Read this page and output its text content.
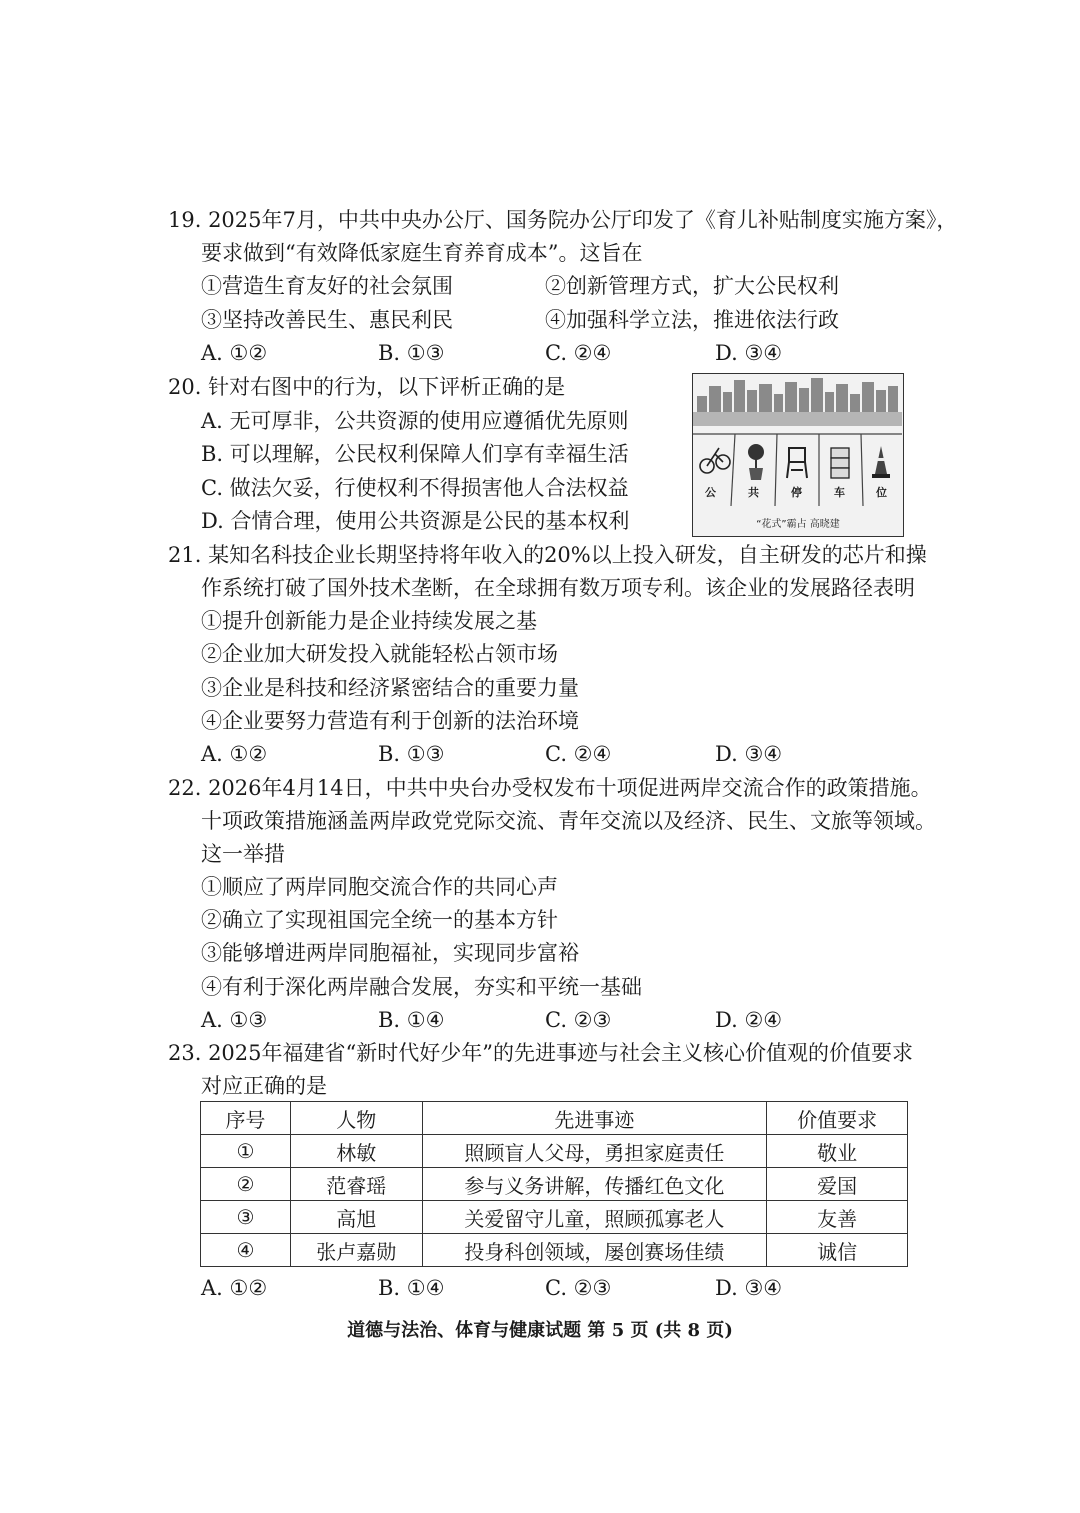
19. 2025年7月，中共中央办公厅、国务院办公厅印发了《育儿补贴制度实施方案》，
要求做到“有效降低家庭生育养育成本”。这旨在
①营造生育友好的社会氛围	②创新管理方式，扩大公民权利
③坚持改善民生、惠民利民	④加强科学立法，推进依法行政
A. ①②	B. ①③	C. ②④	D. ③④
20. 针对右图中的行为，以下评析正确的是
A. 无可厚非，公共资源的使用应遵循优先原则
B. 可以理解，公民权利保障人们享有幸福生活
C. 做法欠妥，行使权利不得损害他人合法权益
D. 合情合理，使用公共资源是公民的基本权利
公	共	停	车	位
“花式”霸占 高晓建
21. 某知名科技企业长期坚持将年收入的20%以上投入研发，自主研发的芯片和操
作系统打破了国外技术垄断，在全球拥有数万项专利。该企业的发展路径表明
①提升创新能力是企业持续发展之基
②企业加大研发投入就能轻松占领市场
③企业是科技和经济紧密结合的重要力量
④企业要努力营造有利于创新的法治环境
A. ①②	B. ①③	C. ②④	D. ③④
22. 2026年4月14日，中共中央台办受权发布十项促进两岸交流合作的政策措施。
十项政策措施涵盖两岸政党党际交流、青年交流以及经济、民生、文旅等领域。
这一举措
①顺应了两岸同胞交流合作的共同心声
②确立了实现祖国完全统一的基本方针
③能够增进两岸同胞福祉，实现同步富裕
④有利于深化两岸融合发展，夯实和平统一基础
A. ①③	B. ①④	C. ②③	D. ②④
23. 2025年福建省“新时代好少年”的先进事迹与社会主义核心价值观的价值要求
对应正确的是
序号	人物	先进事迹	价值要求
①	林敏	照顾盲人父母，勇担家庭责任	敬业
②	范睿瑶	参与义务讲解，传播红色文化	爱国
③	高旭	关爱留守儿童，照顾孤寡老人	友善
④	张卢嘉勋	投身科创领域，屡创赛场佳绩	诚信
A. ①②	B. ①④	C. ②③	D. ③④
道德与法治、体育与健康试题 第 5 页 (共 8 页)
